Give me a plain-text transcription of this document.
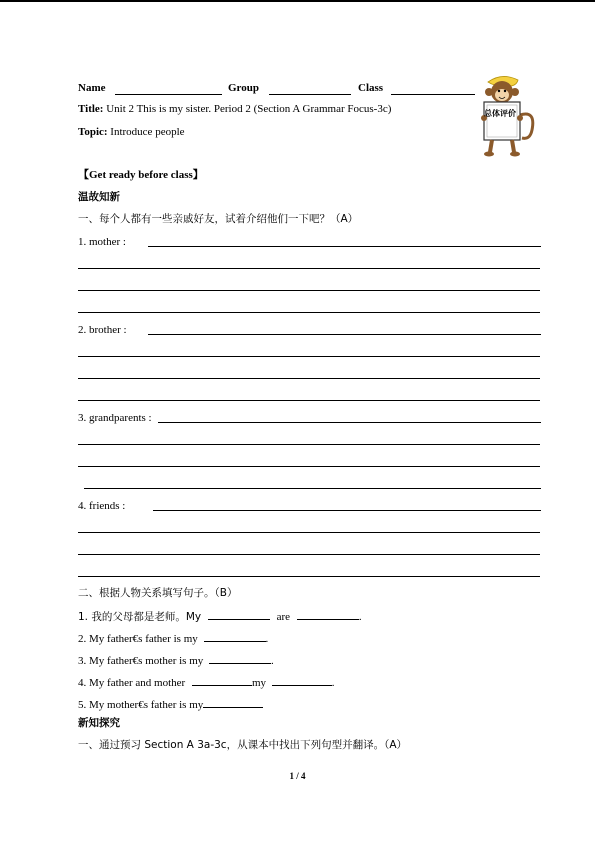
Name	Group	Class
Title: Unit 2 This is my sister. Period 2 (Section A Grammar Focus-3c)
Topic: Introduce people
总体评价
【Get ready before class】
温故知新
一、每个人都有一些亲戚好友，试着介绍他们一下吧？（A）
1. mother :
2. brother :
3. grandparents :
4. friends :
二、根据人物关系填写句子。（B）
1. 我的父母都是老师。My	are	.
2. My father€s father is my	.
3. My father€s mother is my	.
4. My father and mother	my	.
5. My mother€s father is my
新知探究
一、通过预习 Section A 3a-3c，从课本中找出下列句型并翻译。（A）
1 / 4
